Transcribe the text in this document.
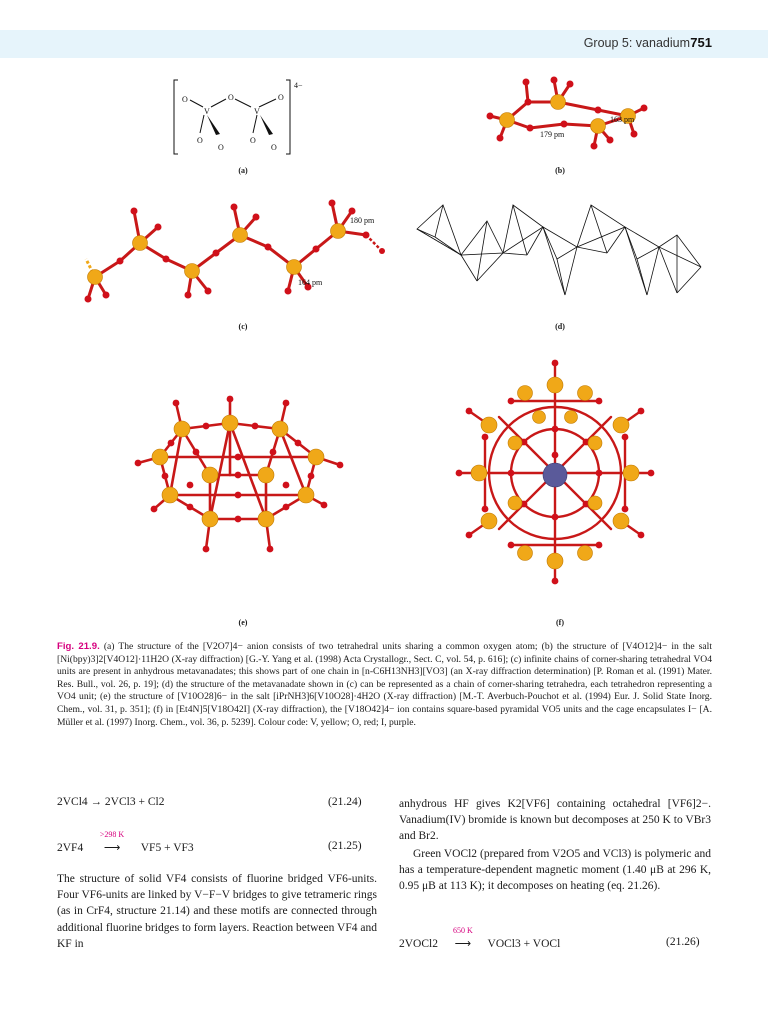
Group 5: vanadium 751
O
V
O
V
O
O
O
O
O
4−
(a)
163 pm
179 pm
(b)
180 pm
164 pm
(c)	(d)
(e)	(f)
Fig. 21.9. (a) The structure of the [V2O7]4− anion consists of two tetrahedral units sharing a common oxygen atom; (b) the structure of [V4O12]4− in the salt [Ni(bpy)3]2[V4O12]·11H2O (X-ray diffraction) [G.-Y. Yang et al. (1998) Acta Crystallogr., Sect. C, vol. 54, p. 616]; (c) infinite chains of corner-sharing tetrahedral VO4 units are present in anhydrous metavanadates; this shows part of one chain in [n-C6H13NH3][VO3] (an X-ray diffraction determination) [P. Roman et al. (1991) Mater. Res. Bull., vol. 26, p. 19]; (d) the structure of the metavanadate shown in (c) can be represented as a chain of corner-sharing tetrahedra, each tetrahedron representing a VO4 unit; (e) the structure of [V10O28]6− in the salt [iPrNH3]6[V10O28]·4H2O (X-ray diffraction) [M.-T. Averbuch-Pouchot et al. (1994) Eur. J. Solid State Inorg. Chem., vol. 31, p. 351]; (f) in [Et4N]5[V18O42I] (X-ray diffraction), the [V18O42]4− ion contains square-based pyramidal VO5 units and the cage encapsulates I− [A. Müller et al. (1997) Inorg. Chem., vol. 36, p. 5239]. Colour code: V, yellow; O, red; I, purple.
2VCl4 → 2VCl3 + Cl2	(21.24)
2VF4
>298 K
⟶ VF5 + VF3	(21.25)
The structure of solid VF4 consists of fluorine bridged VF6-units. Four VF6-units are linked by V−F−V bridges to give tetrameric rings (as in CrF4, structure 21.14) and these motifs are connected through additional fluorine bridges to form layers. Reaction between VF4 and KF in
anhydrous HF gives K2[VF6] containing octahedral [VF6]2−. Vanadium(IV) bromide is known but decomposes at 250 K to VBr3 and Br2.
Green VOCl2 (prepared from V2O5 and VCl3) is polymeric and has a temperature-dependent magnetic moment (1.40 μB at 296 K, 0.95 μB at 113 K); it decomposes on heating (eq. 21.26).
2VOCl2
650 K
⟶ VOCl3 + VOCl	(21.26)
